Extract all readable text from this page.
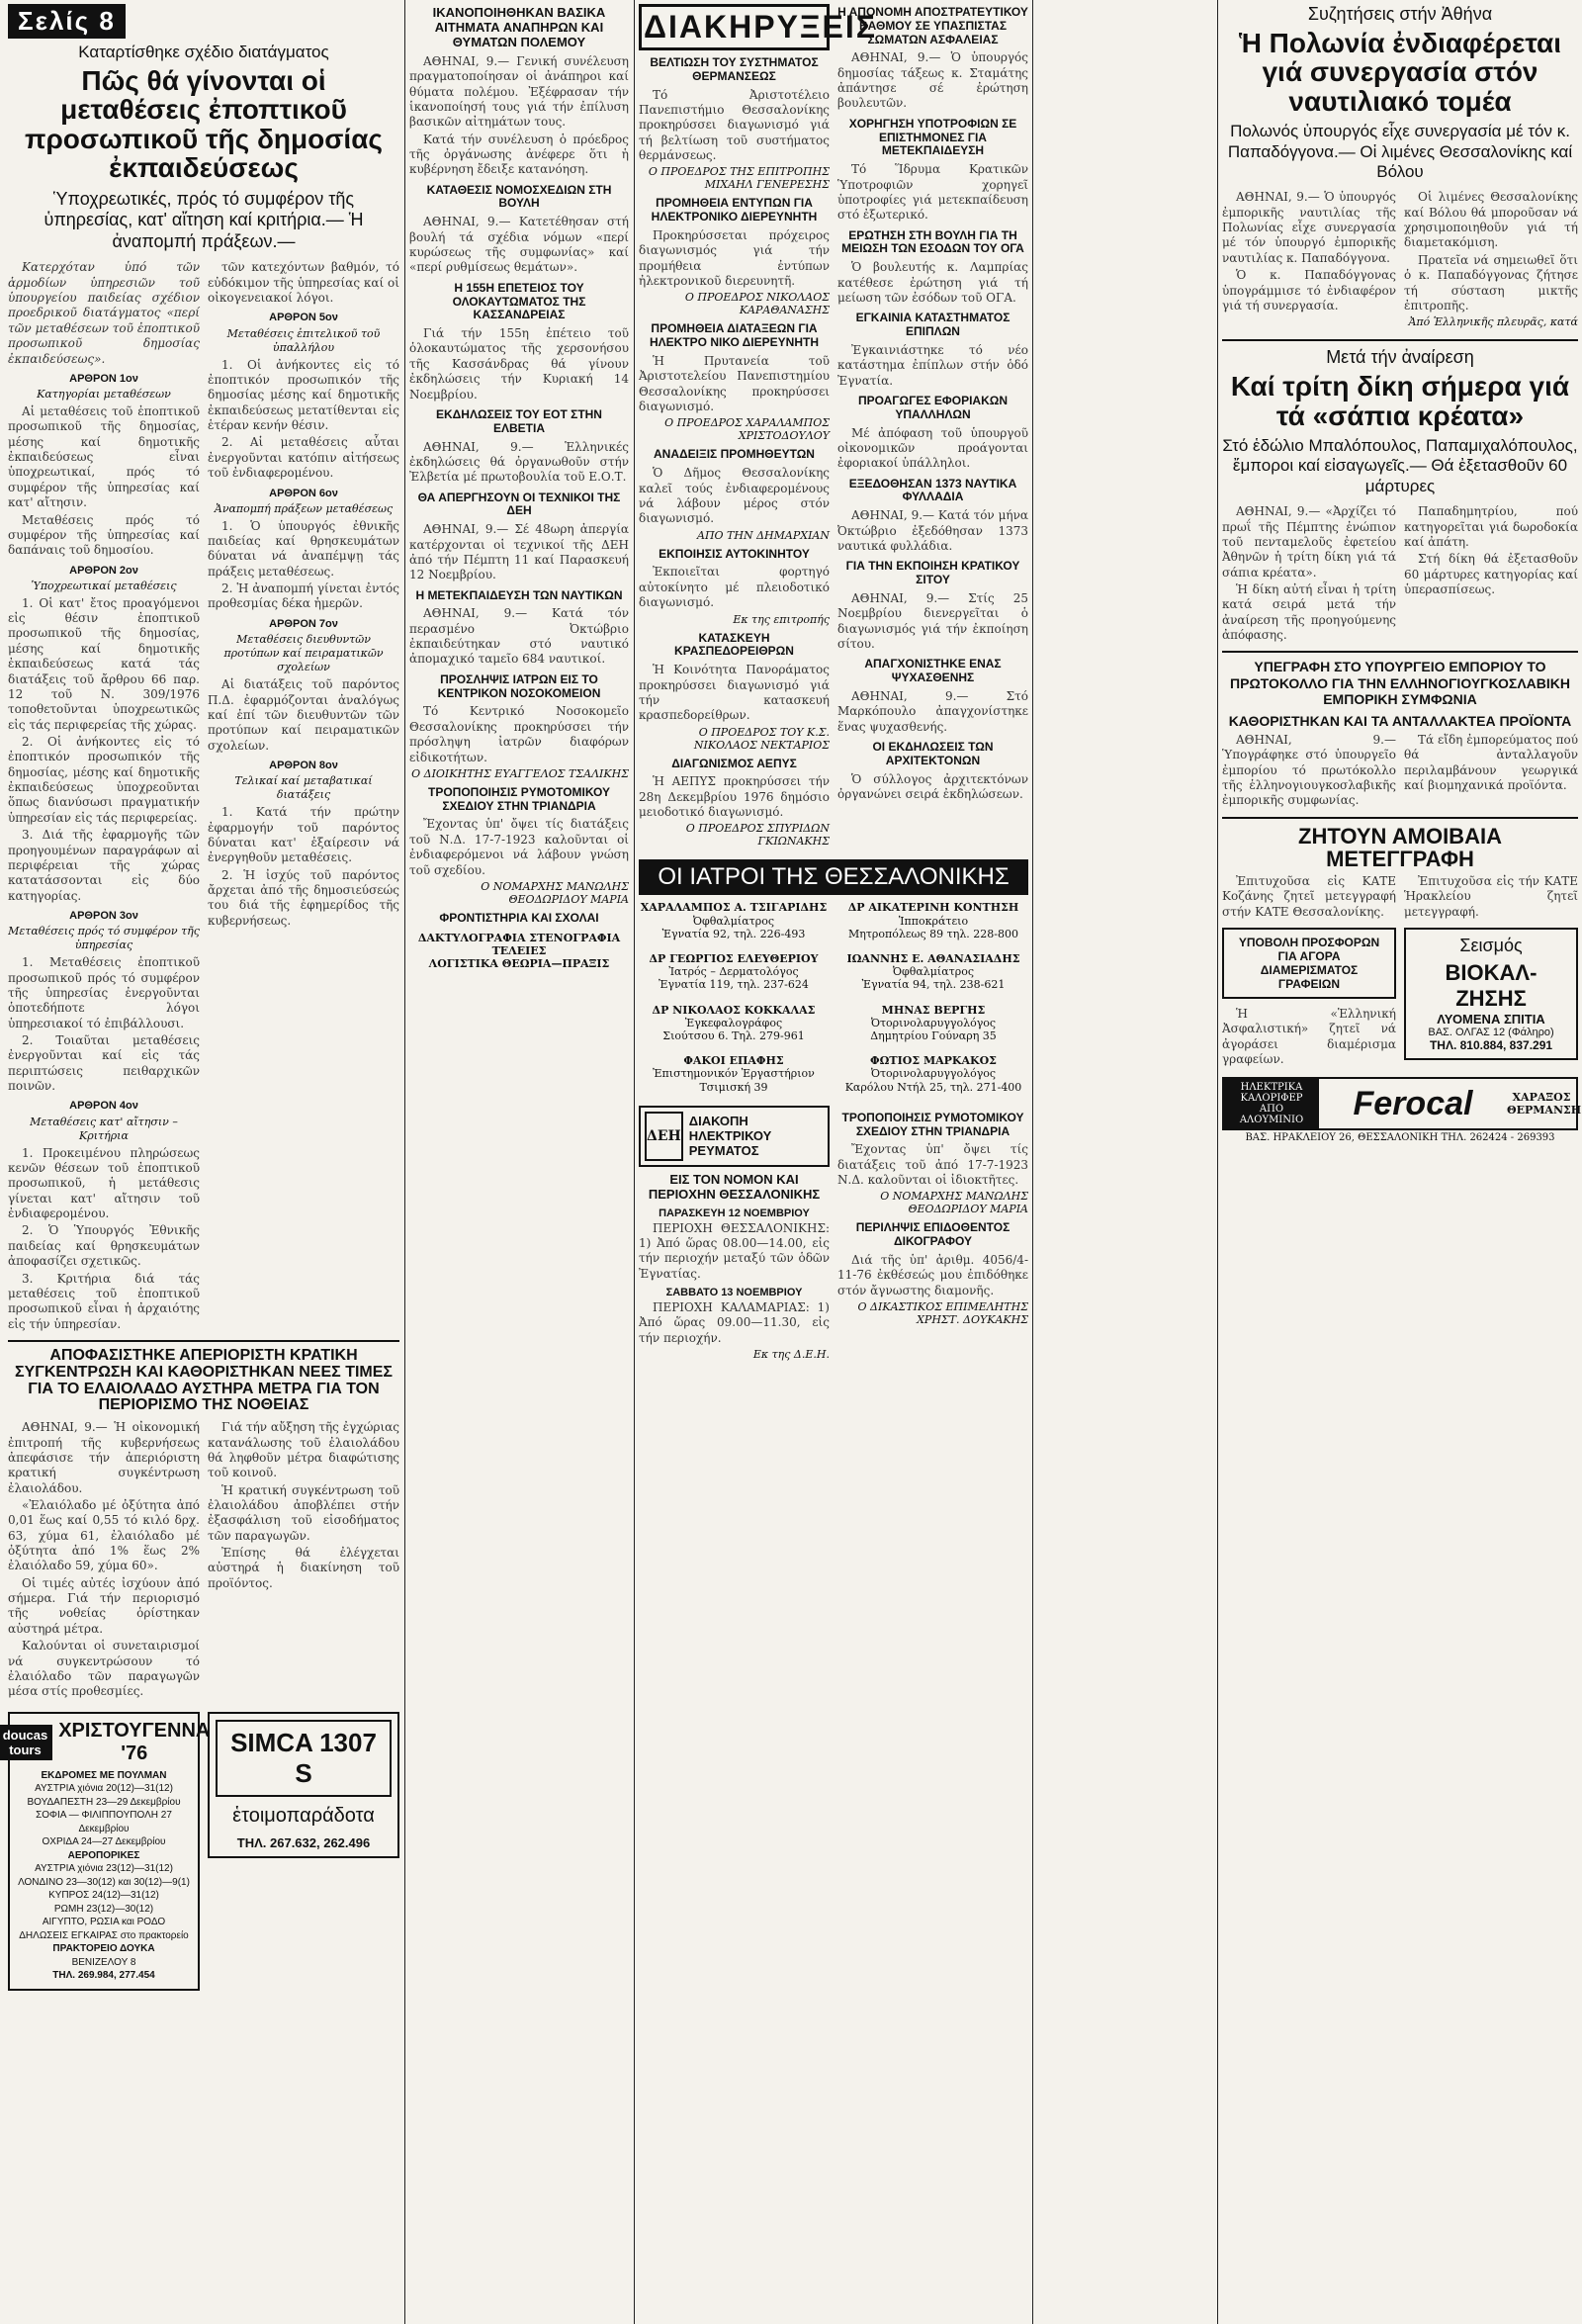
Σελίς 8
Καταρτίσθηκε σχέδιο διατάγματος
Πῶς θά γίνονται οἱ μεταθέσεις ἐποπτικοῦ προσωπικοῦ τῆς δημοσίας ἐκπαιδεύσεως
Ὑποχρεωτικές, πρός τό συμφέρον τῆς ὑπηρεσίας, κατ' αἴτηση καί κριτήρια.— Ἡ ἀναπομπή πράξεων.—

Κατερχόταν ὑπό τῶν ἁρμοδίων ὑπηρεσιῶν τοῦ ὑπουργείου παιδείας σχέδιον προεδρικοῦ διατάγματος «περί τῶν μεταθέσεων τοῦ ἐποπτικοῦ προσωπικοῦ δημοσίας ἐκπαιδεύσεως».

ΑΡΘΡΟΝ 1ον
Κατηγορίαι μεταθέσεων

Αἱ μεταθέσεις τοῦ ἐποπτικοῦ προσωπικοῦ τῆς δημοσίας, μέσης καί δημοτικῆς ἐκπαιδεύσεως εἶναι ὑποχρεωτικαί, πρός τό συμφέρον τῆς ὑπηρεσίας καί κατ' αἴτησιν.

Μεταθέσεις πρός τό συμφέρον τῆς ὑπηρεσίας καί δαπάναις τοῦ δημοσίου.

ΑΡΘΡΟΝ 2ον
Ὑποχρεωτικαί μεταθέσεις

1. Οἱ κατ' ἔτος προαγόμενοι εἰς θέσιν ἐποπτικοῦ προσωπικοῦ τῆς δημοσίας, μέσης καί δημοτικῆς ἐκπαιδεύσεως κατά τάς διατάξεις τοῦ ἄρθρου 66 παρ. 12 τοῦ Ν. 309/1976 τοποθετοῦνται ὑποχρεωτικῶς εἰς τάς περιφερείας τῆς χώρας.

2. Οἱ ἀνήκοντες εἰς τό ἐποπτικόν προσωπικόν τῆς δημοσίας, μέσης καί δημοτικῆς ἐκπαιδεύσεως ὑποχρεοῦνται ὅπως διανύσωσι πραγματικήν ὑπηρεσίαν εἰς τάς περιφερείας.

3. Διά τῆς ἐφαρμογῆς τῶν προηγουμένων παραγράφων αἱ περιφέρειαι τῆς χώρας κατατάσσονται εἰς δύο κατηγορίας.

ΑΡΘΡΟΝ 3ον
Μεταθέσεις πρός τό συμφέρον τῆς ὑπηρεσίας

1. Μεταθέσεις ἐποπτικοῦ προσωπικοῦ πρός τό συμφέρον τῆς ὑπηρεσίας ἐνεργοῦνται ὁποτεδήποτε λόγοι ὑπηρεσιακοί τό ἐπιβάλλουσι.

2. Τοιαῦται μεταθέσεις ἐνεργοῦνται καί εἰς τάς περιπτώσεις πειθαρχικῶν ποινῶν.

ΑΡΘΡΟΝ 4ον
Μεταθέσεις κατ' αἴτησιν – Κριτήρια

1. Προκειμένου πληρώσεως κενῶν θέσεων τοῦ ἐποπτικοῦ προσωπικοῦ, ἡ μετάθεσις γίνεται κατ' αἴτησιν τοῦ ἐνδιαφερομένου.

2. Ὁ Ὑπουργός Ἐθνικῆς παιδείας καί θρησκευμάτων ἀποφασίζει σχετικῶς.

3. Κριτήρια διά τάς μεταθέσεις τοῦ ἐποπτικοῦ προσωπικοῦ εἶναι ἡ ἀρχαιότης εἰς τήν ὑπηρεσίαν.

τῶν κατεχόντων βαθμόν, τό εὐδόκιμον τῆς ὑπηρεσίας καί οἱ οἰκογενειακοί λόγοι.

ΑΡΘΡΟΝ 5ον
Μεταθέσεις ἐπιτελικοῦ τοῦ ὑπαλλήλου

1. Οἱ ἀνήκοντες εἰς τό ἐποπτικόν προσωπικόν τῆς δημοσίας μέσης καί δημοτικῆς ἐκπαιδεύσεως μετατίθενται εἰς ἑτέραν κενήν θέσιν.

2. Αἱ μεταθέσεις αὗται ἐνεργοῦνται κατόπιν αἰτήσεως τοῦ ἐνδιαφερομένου.

ΑΡΘΡΟΝ 6ον
Ἀναπομπή πράξεων μεταθέσεως

1. Ὁ ὑπουργός ἐθνικῆς παιδείας καί θρησκευμάτων δύναται νά ἀναπέμψῃ τάς πράξεις μεταθέσεως.

2. Ἡ ἀναπομπή γίνεται ἐντός προθεσμίας δέκα ἡμερῶν.

ΑΡΘΡΟΝ 7ον
Μεταθέσεις διευθυντῶν προτύπων καί πειραματικῶν σχολείων

Αἱ διατάξεις τοῦ παρόντος Π.Δ. ἐφαρμόζονται ἀναλόγως καί ἐπί τῶν διευθυντῶν τῶν προτύπων καί πειραματικῶν σχολείων.

ΑΡΘΡΟΝ 8ον
Τελικαί καί μεταβατικαί διατάξεις

1. Κατά τήν πρώτην ἐφαρμογήν τοῦ παρόντος δύναται κατ' ἐξαίρεσιν νά ἐνεργηθοῦν μεταθέσεις.

2. Ἡ ἰσχύς τοῦ παρόντος ἄρχεται ἀπό τῆς δημοσιεύσεώς του διά τῆς ἐφημερίδος τῆς κυβερνήσεως.

ΑΠΟΦΑΣΙΣΤΗΚΕ ΑΠΕΡΙΟΡΙΣΤΗ ΚΡΑΤΙΚΗ ΣΥΓΚΕΝΤΡΩΣΗ ΚΑΙ ΚΑΘΟΡΙΣΤΗΚΑΝ ΝΕΕΣ ΤΙΜΕΣ ΓΙΑ ΤΟ ΕΛΑΙΟΛΑΔΟ ΑΥΣΤΗΡΑ ΜΕΤΡΑ ΓΙΑ ΤΟΝ ΠΕΡΙΟΡΙΣΜΟ ΤΗΣ ΝΟΘΕΙΑΣ

ΑΘΗΝΑΙ, 9.— Ἡ οἰκονομική ἐπιτροπή τῆς κυβερνήσεως ἀπεφάσισε τήν ἀπεριόριστη κρατική συγκέντρωση ἐλαιολάδου.

«Ἐλαιόλαδο μέ ὀξύτητα ἀπό 0,01 ἕως καί 0,55 τό κιλό δρχ. 63, χύμα 61, ἐλαιόλαδο μέ ὀξύτητα ἀπό 1% ἕως 2% ἐλαιόλαδο 59, χύμα 60».

Οἱ τιμές αὐτές ἰσχύουν ἀπό σήμερα. Γιά τήν περιορισμό τῆς νοθείας ὁρίστηκαν αὐστηρά μέτρα.

Καλούνται οἱ συνεταιρισμοί νά συγκεντρώσουν τό ἐλαιόλαδο τῶν παραγωγῶν μέσα στίς προθεσμίες.

Γιά τήν αὔξηση τῆς ἐγχώριας κατανάλωσης τοῦ ἐλαιολάδου θά ληφθοῦν μέτρα διαφώτισης τοῦ κοινοῦ.

Ἡ κρατική συγκέντρωση τοῦ ἐλαιολάδου ἀποβλέπει στήν ἐξασφάλιση τοῦ εἰσοδήματος τῶν παραγωγῶν.

Ἐπίσης θά ἐλέγχεται αὐστηρά ἡ διακίνηση τοῦ προϊόντος.

doucas tours
ΧΡΙΣΤΟΥΓΕΝΝΑ '76
ΕΚΔΡΟΜΕΣ ΜΕ ΠΟΥΛΜΑΝ
ΑΥΣΤΡΙΑ χιόνια 20(12)—31(12)
ΒΟΥΔΑΠΕΣΤΗ 23—29 Δεκεμβρίου
ΣΟΦΙΑ — ΦΙΛΙΠΠΟΥΠΟΛΗ 27 Δεκεμβρίου
ΟΧΡΙΔΑ 24—27 Δεκεμβρίου
ΑΕΡΟΠΟΡΙΚΕΣ
ΑΥΣΤΡΙΑ χιόνια 23(12)—31(12)
ΛΟΝΔΙΝΟ 23—30(12) και 30(12)—9(1)
ΚΥΠΡΟΣ 24(12)—31(12)
ΡΩΜΗ 23(12)—30(12)
ΑΙΓΥΠΤΟ, ΡΩΣΙΑ και ΡΟΔΟ
ΔΗΛΩΣΕΙΣ ΕΓΚΑΙΡΑΣ στο πρακτορείο
ΠΡΑΚΤΟΡΕΙΟ ΔΟΥΚΑ
ΒΕΝΙΖΕΛΟΥ 8
ΤΗΛ. 269.984, 277.454
SIMCA 1307 S
ἑτοιμοπαράδοτα
ΤΗΛ. 267.632, 262.496
ΙΚΑΝΟΠΟΙΗΘΗΚΑΝ ΒΑΣΙΚΑ ΑΙΤΗΜΑΤΑ ΑΝΑΠΗΡΩΝ ΚΑΙ ΘΥΜΑΤΩΝ ΠΟΛΕΜΟΥ

ΑΘΗΝΑΙ, 9.— Γενική συνέλευση πραγματοποίησαν οἱ ἀνάπηροι καί θύματα πολέμου. Ἐξέφρασαν τήν ἱκανοποίησή τους γιά τήν ἐπίλυση βασικῶν αἰτημάτων τους.

Κατά τήν συνέλευση ὁ πρόεδρος τῆς ὀργάνωσης ἀνέφερε ὅτι ἡ κυβέρνηση ἔδειξε κατανόηση.

ΚΑΤΑΘΕΣΙΣ ΝΟΜΟΣΧΕΔΙΩΝ ΣΤΗ ΒΟΥΛΗ

ΑΘΗΝΑΙ, 9.— Κατετέθησαν στή βουλή τά σχέδια νόμων «περί κυρώσεως τῆς συμφωνίας» καί «περί ρυθμίσεως θεμάτων».

Η 155Η ΕΠΕΤΕΙΟΣ ΤΟΥ ΟΛΟΚΑΥΤΩΜΑΤΟΣ ΤΗΣ ΚΑΣΣΑΝΔΡΕΙΑΣ

Γιά τήν 155η ἐπέτειο τοῦ ὁλοκαυτώματος τῆς χερσονήσου τῆς Κασσάνδρας θά γίνουν ἐκδηλώσεις τήν Κυριακή 14 Νοεμβρίου.

ΕΚΔΗΛΩΣΕΙΣ ΤΟΥ ΕΟΤ ΣΤΗΝ ΕΛΒΕΤΙΑ

ΑΘΗΝΑΙ, 9.— Ἑλληνικές ἐκδηλώσεις θά ὀργανωθοῦν στήν Ἐλβετία μέ πρωτοβουλία τοῦ Ε.Ο.Τ.

ΘΑ ΑΠΕΡΓΗΣΟΥΝ ΟΙ ΤΕΧΝΙΚΟΙ ΤΗΣ ΔΕΗ

ΑΘΗΝΑΙ, 9.— Σέ 48ωρη ἀπεργία κατέρχονται οἱ τεχνικοί τῆς ΔΕΗ ἀπό τήν Πέμπτη 11 καί Παρασκευή 12 Νοεμβρίου.

Η ΜΕΤΕΚΠΑΙΔΕΥΣΗ ΤΩΝ ΝΑΥΤΙΚΩΝ

ΑΘΗΝΑΙ, 9.— Κατά τόν περασμένο Ὀκτώβριο ἐκπαιδεύτηκαν στό ναυτικό ἀπομαχικό ταμεῖο 684 ναυτικοί.

ΠΡΟΣΛΗΨΙΣ ΙΑΤΡΩΝ ΕΙΣ ΤΟ ΚΕΝΤΡΙΚΟΝ ΝΟΣΟΚΟΜΕΙΟΝ

Τό Κεντρικό Νοσοκομεῖο Θεσσαλονίκης προκηρύσσει τήν πρόσληψη ἰατρῶν διαφόρων εἰδικοτήτων.

Ο ΔΙΟΙΚΗΤΗΣ ΕΥΑΓΓΕΛΟΣ ΤΣΑΛΙΚΗΣ
ΤΡΟΠΟΠΟΙΗΣΙΣ ΡΥΜΟΤΟΜΙΚΟΥ ΣΧΕΔΙΟΥ ΣΤΗΝ ΤΡΙΑΝΔΡΙΑ

Ἔχοντας ὑπ' ὄψει τίς διατάξεις τοῦ Ν.Δ. 17-7-1923 καλοῦνται οἱ ἐνδιαφερόμενοι νά λάβουν γνώση τοῦ σχεδίου.

Ο ΝΟΜΑΡΧΗΣ ΜΑΝΩΛΗΣ ΘΕΟΔΩΡΙΔΟΥ ΜΑΡΙΑ
ΦΡΟΝΤΙΣΤΗΡΙΑ ΚΑΙ ΣΧΟΛΑΙ
ΔΑΚΤΥΛΟΓΡΑΦΙΑ ΣΤΕΝΟΓΡΑΦΙΑ ΤΕΛΕΙΕΣ
ΛΟΓΙΣΤΙΚΑ ΘΕΩΡΙΑ—ΠΡΑΞΙΣ
ΔΙΑΚΗΡΥΞΕΙΣ
ΒΕΛΤΙΩΣΗ ΤΟΥ ΣΥΣΤΗΜΑΤΟΣ ΘΕΡΜΑΝΣΕΩΣ

Τό Ἀριστοτέλειο Πανεπιστήμιο Θεσσαλονίκης προκηρύσσει διαγωνισμό γιά τή βελτίωση τοῦ συστήματος θερμάνσεως.

Ο ΠΡΟΕΔΡΟΣ ΤΗΣ ΕΠΙΤΡΟΠΗΣ ΜΙΧΑΗΛ ΓΕΝΕΡΕΣΗΣ
ΠΡΟΜΗΘΕΙΑ ΕΝΤΥΠΩΝ ΓΙΑ ΗΛΕΚΤΡΟΝΙΚΟ ΔΙΕΡΕΥΝΗΤΗ

Προκηρύσσεται πρόχειρος διαγωνισμός γιά τήν προμήθεια ἐντύπων ἠλεκτρονικοῦ διερευνητῆ.

Ο ΠΡΟΕΔΡΟΣ ΝΙΚΟΛΑΟΣ ΚΑΡΑΘΑΝΑΣΗΣ
ΠΡΟΜΗΘΕΙΑ ΔΙΑΤΑΞΕΩΝ ΓΙΑ ΗΛΕΚΤΡΟ ΝΙΚΟ ΔΙΕΡΕΥΝΗΤΗ

Ἡ Πρυτανεία τοῦ Ἀριστοτελείου Πανεπιστημίου Θεσσαλονίκης προκηρύσσει διαγωνισμό.

Ο ΠΡΟΕΔΡΟΣ ΧΑΡΑΛΑΜΠΟΣ ΧΡΙΣΤΟΔΟΥΛΟΥ
ΑΝΑΔΕΙΞΙΣ ΠΡΟΜΗΘΕΥΤΩΝ

Ὁ Δῆμος Θεσσαλονίκης καλεῖ τούς ἐνδιαφερομένους νά λάβουν μέρος στόν διαγωνισμό.

ΑΠΟ ΤΗΝ ΔΗΜΑΡΧΙΑΝ
ΕΚΠΟΙΗΣΙΣ ΑΥΤΟΚΙΝΗΤΟΥ

Ἐκποιεῖται φορτηγό αὐτοκίνητο μέ πλειοδοτικό διαγωνισμό.

Εκ της επιτροπής
ΚΑΤΑΣΚΕΥΗ ΚΡΑΣΠΕΔΟΡΕΙΘΡΩΝ

Ἡ Κοινότητα Πανοράματος προκηρύσσει διαγωνισμό γιά τήν κατασκευή κρασπεδορείθρων.

Ο ΠΡΟΕΔΡΟΣ ΤΟΥ Κ.Σ. ΝΙΚΟΛΑΟΣ ΝΕΚΤΑΡΙΟΣ
ΔΙΑΓΩΝΙΣΜΟΣ ΑΕΠΥΣ

Ἡ ΑΕΠΥΣ προκηρύσσει τήν 28η Δεκεμβρίου 1976 δημόσιο μειοδοτικό διαγωνισμό.

Ο ΠΡΟΕΔΡΟΣ ΣΠΥΡΙΔΩΝ ΓΚΙΩΝΑΚΗΣ
Η ΑΠΟΝΟΜΗ ΑΠΟΣΤΡΑΤΕΥΤΙΚΟΥ ΒΑΘΜΟΥ ΣΕ ΥΠΑΣΠΙΣΤΑΣ ΣΩΜΑΤΩΝ ΑΣΦΑΛΕΙΑΣ

ΑΘΗΝΑΙ, 9.— Ὁ ὑπουργός δημοσίας τάξεως κ. Σταμάτης ἀπάντησε σέ ἐρώτηση βουλευτῶν.

ΧΟΡΗΓΗΣΗ ΥΠΟΤΡΟΦΙΩΝ ΣΕ ΕΠΙΣΤΗΜΟΝΕΣ ΓΙΑ ΜΕΤΕΚΠΑΙΔΕΥΣΗ

Τό Ἵδρυμα Κρατικῶν Ὑποτροφιῶν χορηγεῖ ὑποτροφίες γιά μετεκπαίδευση στό ἐξωτερικό.

ΕΡΩΤΗΣΗ ΣΤΗ ΒΟΥΛΗ ΓΙΑ ΤΗ ΜΕΙΩΣΗ ΤΩΝ ΕΣΟΔΩΝ ΤΟΥ ΟΓΑ

Ὁ βουλευτής κ. Λαμπρίας κατέθεσε ἐρώτηση γιά τή μείωση τῶν ἐσόδων τοῦ ΟΓΑ.

ΕΓΚΑΙΝΙΑ ΚΑΤΑΣΤΗΜΑΤΟΣ ΕΠΙΠΛΩΝ

Ἐγκαινιάστηκε τό νέο κατάστημα ἐπίπλων στήν ὁδό Ἐγνατία.

ΠΡΟΑΓΩΓΕΣ ΕΦΟΡΙΑΚΩΝ ΥΠΑΛΛΗΛΩΝ

Μέ ἀπόφαση τοῦ ὑπουργοῦ οἰκονομικῶν προάγονται ἐφοριακοί ὑπάλληλοι.

ΕΞΕΔΟΘΗΣΑΝ 1373 ΝΑΥΤΙΚΑ ΦΥΛΛΑΔΙΑ

ΑΘΗΝΑΙ, 9.— Κατά τόν μήνα Ὀκτώβριο ἐξεδόθησαν 1373 ναυτικά φυλλάδια.

ΓΙΑ ΤΗΝ ΕΚΠΟΙΗΣΗ ΚΡΑΤΙΚΟΥ ΣΙΤΟΥ

ΑΘΗΝΑΙ, 9.— Στίς 25 Νοεμβρίου διενεργεῖται ὁ διαγωνισμός γιά τήν ἐκποίηση σίτου.

ΑΠΑΓΧΟΝΙΣΤΗΚΕ ΕΝΑΣ ΨΥΧΑΣΘΕΝΗΣ

ΑΘΗΝΑΙ, 9.— Στό Μαρκόπουλο ἀπαγχονίστηκε ἕνας ψυχασθενής.

ΟΙ ΕΚΔΗΛΩΣΕΙΣ ΤΩΝ ΑΡΧΙΤΕΚΤΟΝΩΝ

Ὁ σύλλογος ἀρχιτεκτόνων ὀργανώνει σειρά ἐκδηλώσεων.

ΟΙ ΙΑΤΡΟΙ ΤΗΣ ΘΕΣΣΑΛΟΝΙΚΗΣ
ΧΑΡΑΛΑΜΠΟΣ Α. ΤΣΙΓΑΡΙΔΗΣ
Ὀφθαλμίατρος
Ἐγνατία 92, τηλ. 226-493
ΔΡ ΑΙΚΑΤΕΡΙΝΗ ΚΟΝΤΗΣΗ
Ἱπποκράτειο
Μητροπόλεως 89 τηλ. 228-800
ΔΡ ΓΕΩΡΓΙΟΣ ΕΛΕΥΘΕΡΙΟΥ
Ἰατρός – Δερματολόγος
Ἐγνατία 119, τηλ. 237-624
ΙΩΑΝΝΗΣ Ε. ΑΘΑΝΑΣΙΑΔΗΣ
Ὀφθαλμίατρος
Ἐγνατία 94, τηλ. 238-621
ΔΡ ΝΙΚΟΛΑΟΣ ΚΟΚΚΑΛΑΣ
Ἐγκεφαλογράφος
Σιούτσου 6. Τηλ. 279-961
ΜΗΝΑΣ ΒΕΡΓΗΣ
Ὀτορινολαρυγγολόγος
Δημητρίου Γούναρη 35
ΦΑΚΟΙ ΕΠΑΦΗΣ
Ἐπιστημονικόν Ἐργαστήριον
Τσιμισκή 39
ΦΩΤΙΟΣ ΜΑΡΚΑΚΟΣ
Ὀτορινολαρυγγολόγος
Καρόλου Ντήλ 25, τηλ. 271-400
ΔΕΗ
ΔΙΑΚΟΠΗ ΗΛΕΚΤΡΙΚΟΥ ΡΕΥΜΑΤΟΣ
ΕΙΣ ΤΟΝ ΝΟΜΟΝ ΚΑΙ ΠΕΡΙΟΧΗΝ ΘΕΣΣΑΛΟΝΙΚΗΣ
ΠΑΡΑΣΚΕΥΗ 12 ΝΟΕΜΒΡΙΟΥ

ΠΕΡΙΟΧΗ ΘΕΣΣΑΛΟΝΙΚΗΣ: 1) Ἀπό ὥρας 08.00—14.00, εἰς τήν περιοχήν μεταξύ τῶν ὁδῶν Ἐγνατίας.

ΣΑΒΒΑΤΟ 13 ΝΟΕΜΒΡΙΟΥ

ΠΕΡΙΟΧΗ ΚΑΛΑΜΑΡΙΑΣ: 1) Ἀπό ὥρας 09.00—11.30, εἰς τήν περιοχήν.

Εκ της Δ.Ε.Η.
ΤΡΟΠΟΠΟΙΗΣΙΣ ΡΥΜΟΤΟΜΙΚΟΥ ΣΧΕΔΙΟΥ ΣΤΗΝ ΤΡΙΑΝΔΡΙΑ

Ἔχοντας ὑπ' ὄψει τίς διατάξεις τοῦ ἀπό 17-7-1923 Ν.Δ. καλοῦνται οἱ ἰδιοκτῆτες.

Ο ΝΟΜΑΡΧΗΣ ΜΑΝΩΛΗΣ ΘΕΟΔΩΡΙΔΟΥ ΜΑΡΙΑ
ΠΕΡΙΛΗΨΙΣ ΕΠΙΔΟΘΕΝΤΟΣ ΔΙΚΟΓΡΑΦΟΥ

Διά τῆς ὑπ' ἀριθμ. 4056/4-11-76 ἐκθέσεώς μου ἐπιδόθηκε στόν ἄγνωστης διαμονῆς.

Ο ΔΙΚΑΣΤΙΚΟΣ ΕΠΙΜΕΛΗΤΗΣ ΧΡΗΣΤ. ΔΟΥΚΑΚΗΣ
Συζητήσεις στήν Ἀθήνα
Ἡ Πολωνία ἐνδιαφέρεται γιά συνεργασία στόν ναυτιλιακό τομέα
Πολωνός ὑπουργός εἶχε συνεργασία μέ τόν κ. Παπαδόγγονα.— Οἱ λιμένες Θεσσαλονίκης καί Βόλου

ΑΘΗΝΑΙ, 9.— Ὁ ὑπουργός ἐμπορικῆς ναυτιλίας τῆς Πολωνίας εἶχε συνεργασία μέ τόν ὑπουργό ἐμπορικῆς ναυτιλίας κ. Παπαδόγγονα.

Ὁ κ. Παπαδόγγονας ὑπογράμμισε τό ἐνδιαφέρον γιά τή συνεργασία.

Οἱ λιμένες Θεσσαλονίκης καί Βόλου θά μποροῦσαν νά χρησιμοποιηθοῦν γιά τή διαμετακόμιση.

Πρατεῖα νά σημειωθεῖ ὅτι ὁ κ. Παπαδόγγονας ζήτησε τή σύσταση μικτῆς ἐπιτροπῆς.

Ἀπό Ἑλληνικῆς πλευρᾶς, κατά
Μετά τήν ἀναίρεση
Καί τρίτη δίκη σήμερα γιά τά «σάπια κρέατα»
Στό ἑδώλιο Μπαλόπουλος, Παπαμιχαλόπουλος, ἔμποροι καί εἰσαγωγεῖς.— Θά ἐξετασθοῦν 60 μάρτυρες

ΑΘΗΝΑΙ, 9.— «Ἀρχίζει τό πρωΐ τῆς Πέμπτης ἐνώπιον τοῦ πενταμελοῦς ἐφετείου Ἀθηνῶν ἡ τρίτη δίκη γιά τά σάπια κρέατα».

Ἡ δίκη αὐτή εἶναι ἡ τρίτη κατά σειρά μετά τήν ἀναίρεση τῆς προηγούμενης ἀπόφασης.

Παπαδημητρίου, πού κατηγορεῖται γιά δωροδοκία καί ἀπάτη.

Στή δίκη θά ἐξετασθοῦν 60 μάρτυρες κατηγορίας καί ὑπερασπίσεως.

ΥΠΕΓΡΑΦΗ ΣΤΟ ΥΠΟΥΡΓΕΙΟ ΕΜΠΟΡΙΟΥ ΤΟ ΠΡΩΤΟΚΟΛΛΟ ΓΙΑ ΤΗΝ ΕΛΛΗΝΟΓΙΟΥΓΚΟΣΛΑΒΙΚΗ ΕΜΠΟΡΙΚΗ ΣΥΜΦΩΝΙΑ
ΚΑΘΟΡΙΣΤΗΚΑΝ ΚΑΙ ΤΑ ΑΝΤΑΛΛΑΚΤΕΑ ΠΡΟΪΟΝΤΑ

ΑΘΗΝΑΙ, 9.— Ὑπογράφηκε στό ὑπουργεῖο ἐμπορίου τό πρωτόκολλο τῆς ἑλληνογιουγκοσλαβικῆς ἐμπορικῆς συμφωνίας.

Τά εἴδη ἐμπορεύματος πού θά ἀνταλλαγοῦν περιλαμβάνουν γεωργικά καί βιομηχανικά προϊόντα.

ΖΗΤΟΥΝ ΑΜΟΙΒΑΙΑ ΜΕΤΕΓΓΡΑΦΗ

Ἐπιτυχοῦσα εἰς ΚΑΤΕ Κοζάνης ζητεῖ μετεγγραφή στήν ΚΑΤΕ Θεσσαλονίκης.

ΥΠΟΒΟΛΗ ΠΡΟΣΦΟΡΩΝ ΓΙΑ ΑΓΟΡΑ ΔΙΑΜΕΡΙΣΜΑΤΟΣ ΓΡΑΦΕΙΩΝ

Ἡ «Ἑλληνική Ἀσφαλιστική» ζητεῖ νά ἀγοράσει διαμέρισμα γραφείων.

Ἐπιτυχοῦσα εἰς τήν ΚΑΤΕ Ἡρακλείου ζητεῖ μετεγγραφή.

Σεισμός
ΒΙΟΚΑΛ-ΖΗΣΗΣ
ΛΥΟΜΕΝΑ ΣΠΙΤΙΑ
ΒΑΣ. ΟΛΓΑΣ 12 (Φάληρο)
ΤΗΛ. 810.884, 837.291
ΗΛΕΚΤΡΙΚΑ ΚΑΛΟΡΙΦΕΡ ΑΠΟ ΑΛΟΥΜΙΝΙΟ	Ferocal	ΧΑΡΑΞΟΣ ΘΕΡΜΑΝΣΗ
ΒΑΣ. ΗΡΑΚΛΕΙΟΥ 26, ΘΕΣΣΑΛΟΝΙΚΗ ΤΗΛ. 262424 - 269393
